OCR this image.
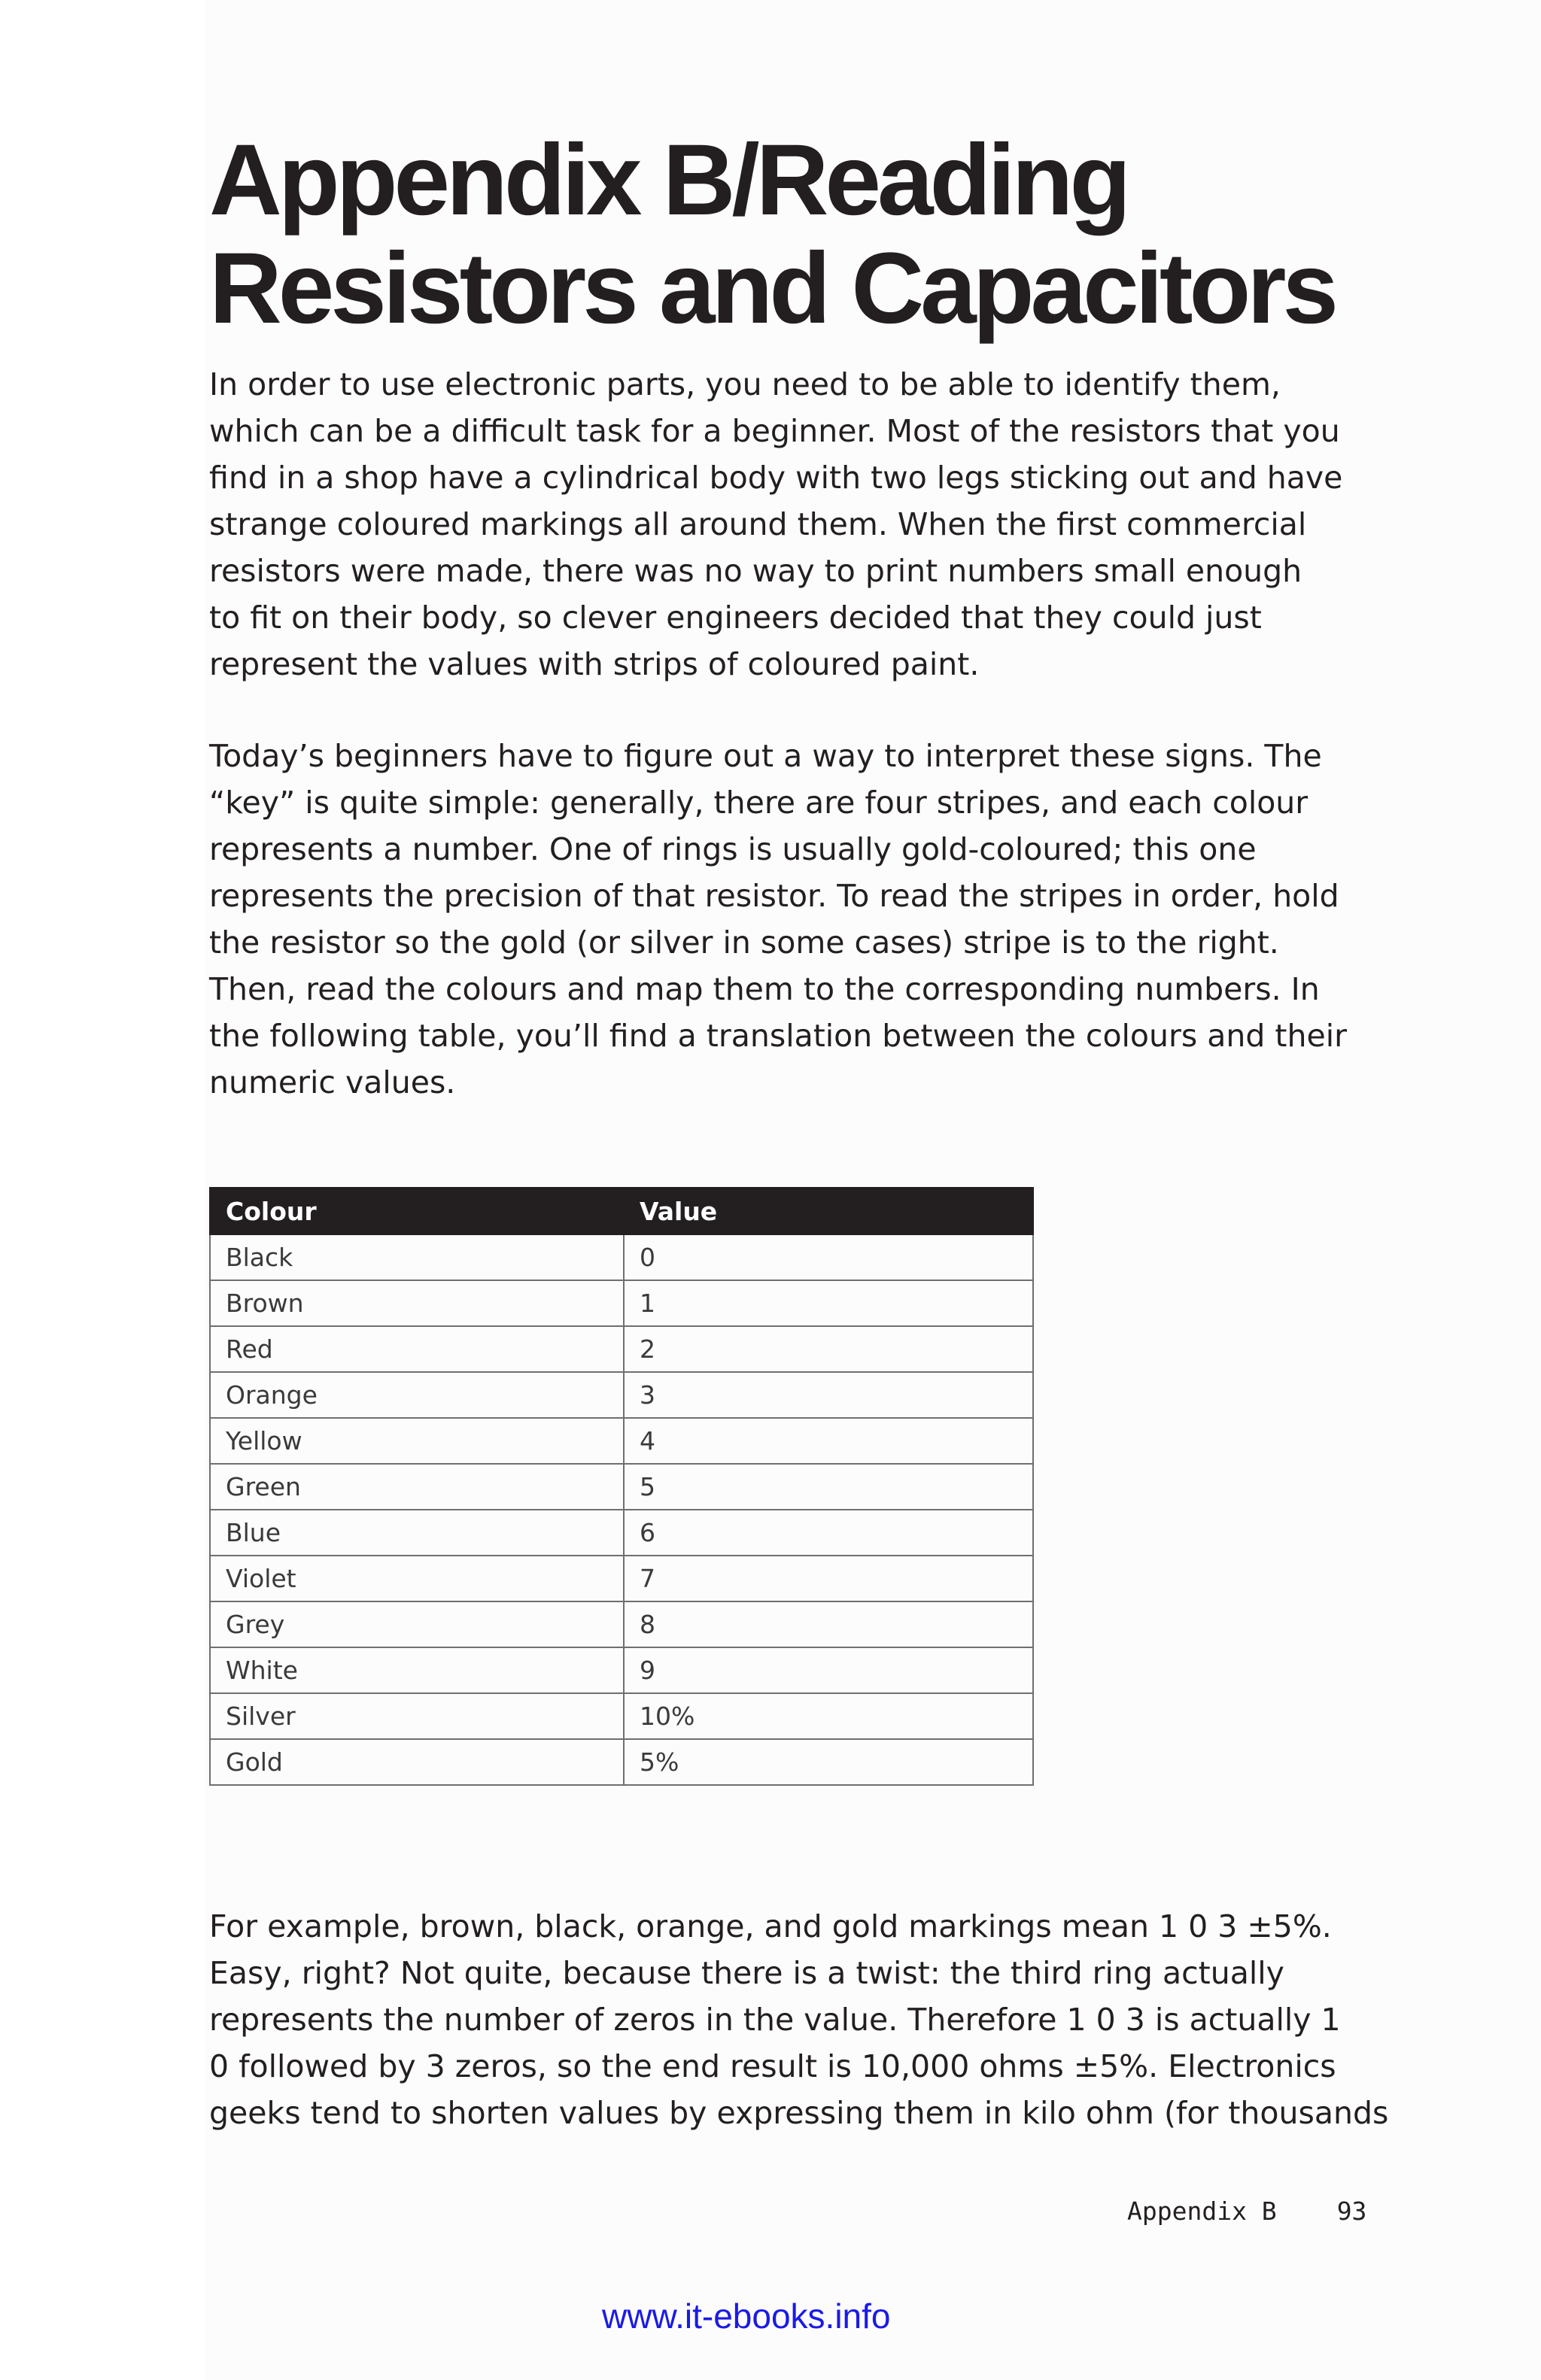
Appendix B/Reading
Resistors and Capacitors

In order to use electronic parts, you need to be able to identify them,
which can be a difficult task for a beginner. Most of the resistors that you
find in a shop have a cylindrical body with two legs sticking out and have
strange coloured markings all around them. When the first commercial
resistors were made, there was no way to print numbers small enough
to fit on their body, so clever engineers decided that they could just
represent the values with strips of coloured paint.

Today’s beginners have to figure out a way to interpret these signs. The
“key” is quite simple: generally, there are four stripes, and each colour
represents a number. One of rings is usually gold-coloured; this one
represents the precision of that resistor. To read the stripes in order, hold
the resistor so the gold (or silver in some cases) stripe is to the right.
Then, read the colours and map them to the corresponding numbers. In
the following table, you’ll find a translation between the colours and their
numeric values.

Colour	Value
Black	0
Brown	1
Red	2
Orange	3
Yellow	4
Green	5
Blue	6
Violet	7
Grey	8
White	9
Silver	10%
Gold	5%

For example, brown, black, orange, and gold markings mean 1 0 3 ±5%.
Easy, right? Not quite, because there is a twist: the third ring actually
represents the number of zeros in the value. Therefore 1 0 3 is actually 1
0 followed by 3 zeros, so the end result is 10,000 ohms ±5%. Electronics
geeks tend to shorten values by expressing them in kilo ohm (for thousands

Appendix B 93
www.it-ebooks.info
